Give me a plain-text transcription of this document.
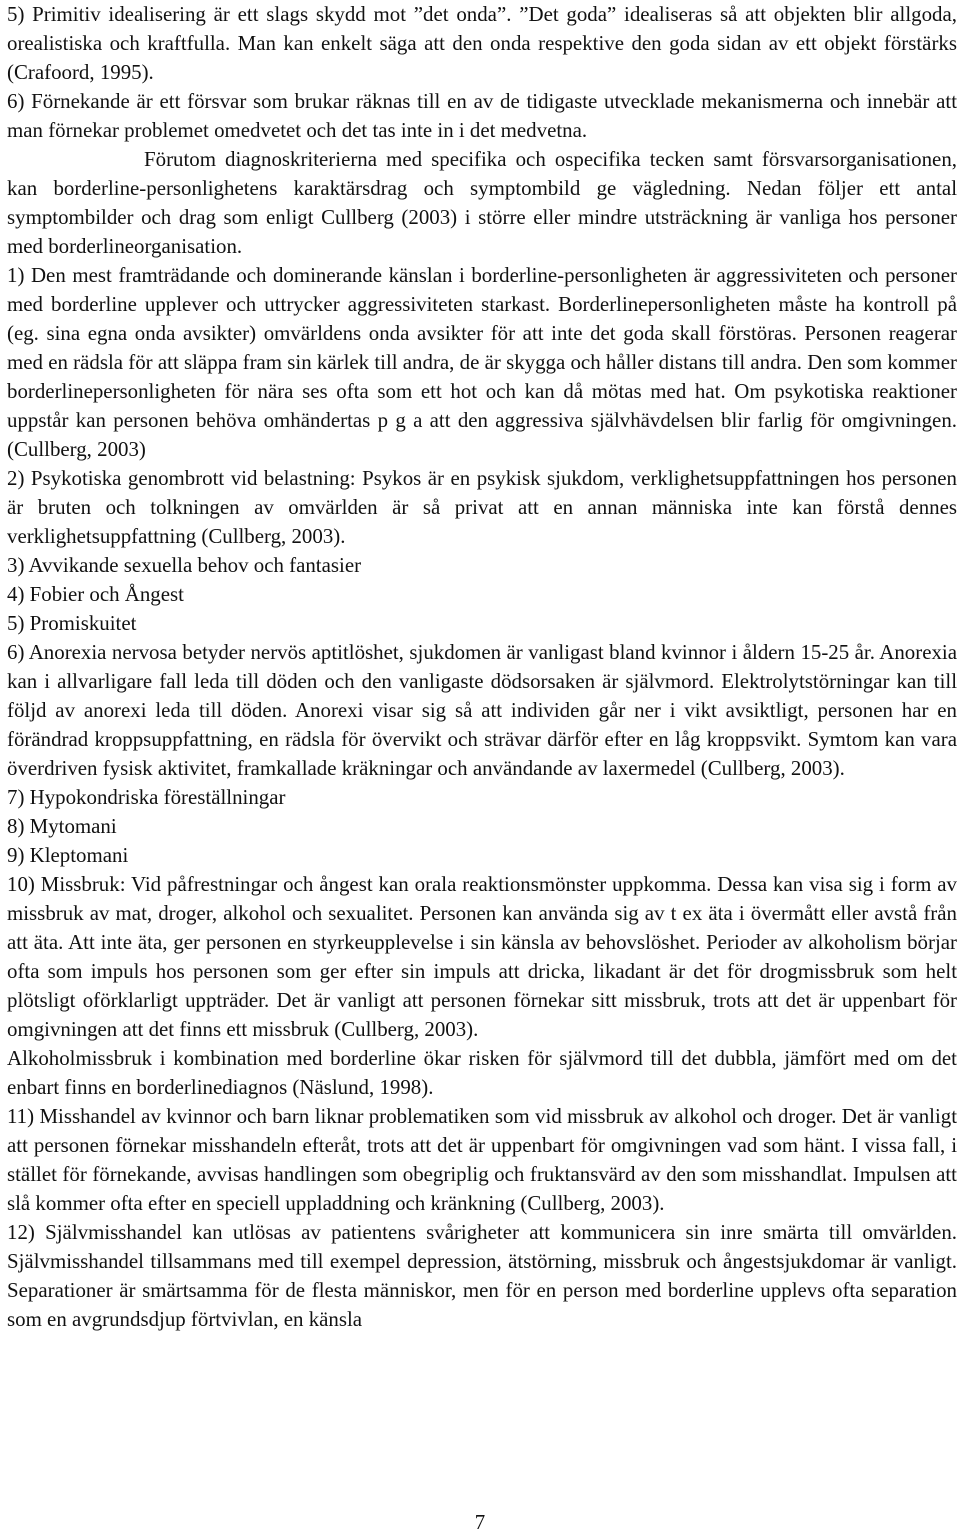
5) Primitiv idealisering är ett slags skydd mot ”det onda”. ”Det goda” idealiseras så att objekten blir allgoda, orealistiska och kraftfulla. Man kan enkelt säga att den onda respektive den goda sidan av ett objekt förstärks (Crafoord, 1995).

6) Förnekande är ett försvar som brukar räknas till en av de tidigaste utvecklade mekanismerna och innebär att man förnekar problemet omedvetet och det tas inte in i det medvetna.

Förutom diagnoskriterierna med specifika och ospecifika tecken samt försvarsorganisationen, kan borderline-personlighetens karaktärsdrag och symptombild ge vägledning. Nedan följer ett antal symptombilder och drag som enligt Cullberg (2003) i större eller mindre utsträckning är vanliga hos personer med borderlineorganisation.

1) Den mest framträdande och dominerande känslan i borderline-personligheten är aggressiviteten och personer med borderline upplever och uttrycker aggressiviteten starkast. Borderlinepersonligheten måste ha kontroll på (eg. sina egna onda avsikter) omvärldens onda avsikter för att inte det goda skall förstöras. Personen reagerar med en rädsla för att släppa fram sin kärlek till andra, de är skygga och håller distans till andra. Den som kommer borderlinepersonligheten för nära ses ofta som ett hot och kan då mötas med hat. Om psykotiska reaktioner uppstår kan personen behöva omhändertas p g a att den aggressiva självhävdelsen blir farlig för omgivningen. (Cullberg, 2003)

2) Psykotiska genombrott vid belastning: Psykos är en psykisk sjukdom, verklighetsuppfattningen hos personen är bruten och tolkningen av omvärlden är så privat att en annan människa inte kan förstå dennes verklighetsuppfattning (Cullberg, 2003).

3) Avvikande sexuella behov och fantasier

4) Fobier och Ångest

5) Promiskuitet

6) Anorexia nervosa betyder nervös aptitlöshet, sjukdomen är vanligast bland kvinnor i åldern 15-25 år. Anorexia kan i allvarligare fall leda till döden och den vanligaste dödsorsaken är självmord. Elektrolytstörningar kan till följd av anorexi leda till döden. Anorexi visar sig så att individen går ner i vikt avsiktligt, personen har en förändrad kroppsuppfattning, en rädsla för övervikt och strävar därför efter en låg kroppsvikt. Symtom kan vara överdriven fysisk aktivitet, framkallade kräkningar och användande av laxermedel (Cullberg, 2003).

7) Hypokondriska föreställningar

8) Mytomani

9) Kleptomani

10) Missbruk: Vid påfrestningar och ångest kan orala reaktionsmönster uppkomma. Dessa kan visa sig i form av missbruk av mat, droger, alkohol och sexualitet. Personen kan använda sig av t ex äta i övermått eller avstå från att äta. Att inte äta, ger personen en styrkeupplevelse i sin känsla av behovslöshet. Perioder av alkoholism börjar ofta som impuls hos personen som ger efter sin impuls att dricka, likadant är det för drogmissbruk som helt plötsligt oförklarligt uppträder. Det är vanligt att personen förnekar sitt missbruk, trots att det är uppenbart för omgivningen att det finns ett missbruk (Cullberg, 2003).

Alkoholmissbruk i kombination med borderline ökar risken för självmord till det dubbla, jämfört med om det enbart finns en borderlinediagnos (Näslund, 1998).

11) Misshandel av kvinnor och barn liknar problematiken som vid missbruk av alkohol och droger. Det är vanligt att personen förnekar misshandeln efteråt, trots att det är uppenbart för omgivningen vad som hänt. I vissa fall, i stället för förnekande, avvisas handlingen som obegriplig och fruktansvärd av den som misshandlat. Impulsen att slå kommer ofta efter en speciell uppladdning och kränkning (Cullberg, 2003).

12) Självmisshandel kan utlösas av patientens svårigheter att kommunicera sin inre smärta till omvärlden. Självmisshandel tillsammans med till exempel depression, ätstörning, missbruk och ångestsjukdomar är vanligt. Separationer är smärtsamma för de flesta människor, men för en person med borderline upplevs ofta separation som en avgrundsdjup förtvivlan, en känsla

7
